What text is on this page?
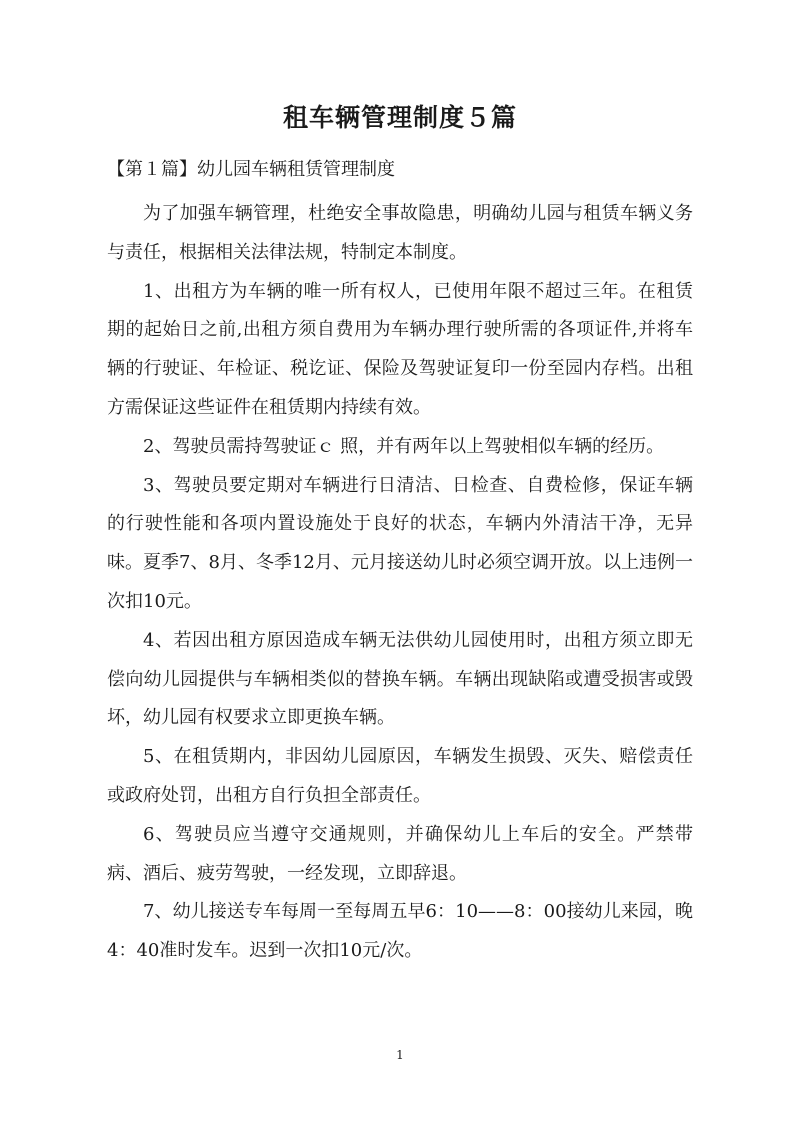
租车辆管理制度５篇
【第１篇】幼儿园车辆租赁管理制度

为了加强车辆管理，杜绝安全事故隐患，明确幼儿园与租赁车辆义务与责任，根据相关法律法规，特制定本制度。

1、出租方为车辆的唯一所有权人，已使用年限不超过三年。在租赁期的起始日之前,出租方须自费用为车辆办理行驶所需的各项证件,并将车辆的行驶证、年检证、税讫证、保险及驾驶证复印一份至园内存档。出租方需保证这些证件在租赁期内持续有效。

2、驾驶员需持驾驶证ｃ 照，并有两年以上驾驶相似车辆的经历。

3、驾驶员要定期对车辆进行日清洁、日检查、自费检修，保证车辆的行驶性能和各项内置设施处于良好的状态，车辆内外清洁干净，无异味。夏季7、8月、冬季12月、元月接送幼儿时必须空调开放。以上违例一次扣10元。

4、若因出租方原因造成车辆无法供幼儿园使用时，出租方须立即无偿向幼儿园提供与车辆相类似的替换车辆。车辆出现缺陷或遭受损害或毁坏，幼儿园有权要求立即更换车辆。

5、在租赁期内，非因幼儿园原因，车辆发生损毁、灭失、赔偿责任或政府处罚，出租方自行负担全部责任。

6、驾驶员应当遵守交通规则，并确保幼儿上车后的安全。严禁带病、酒后、疲劳驾驶，一经发现，立即辞退。

7、幼儿接送专车每周一至每周五早6：10——8：00接幼儿来园，晚4：40准时发车。迟到一次扣10元/次。

1
